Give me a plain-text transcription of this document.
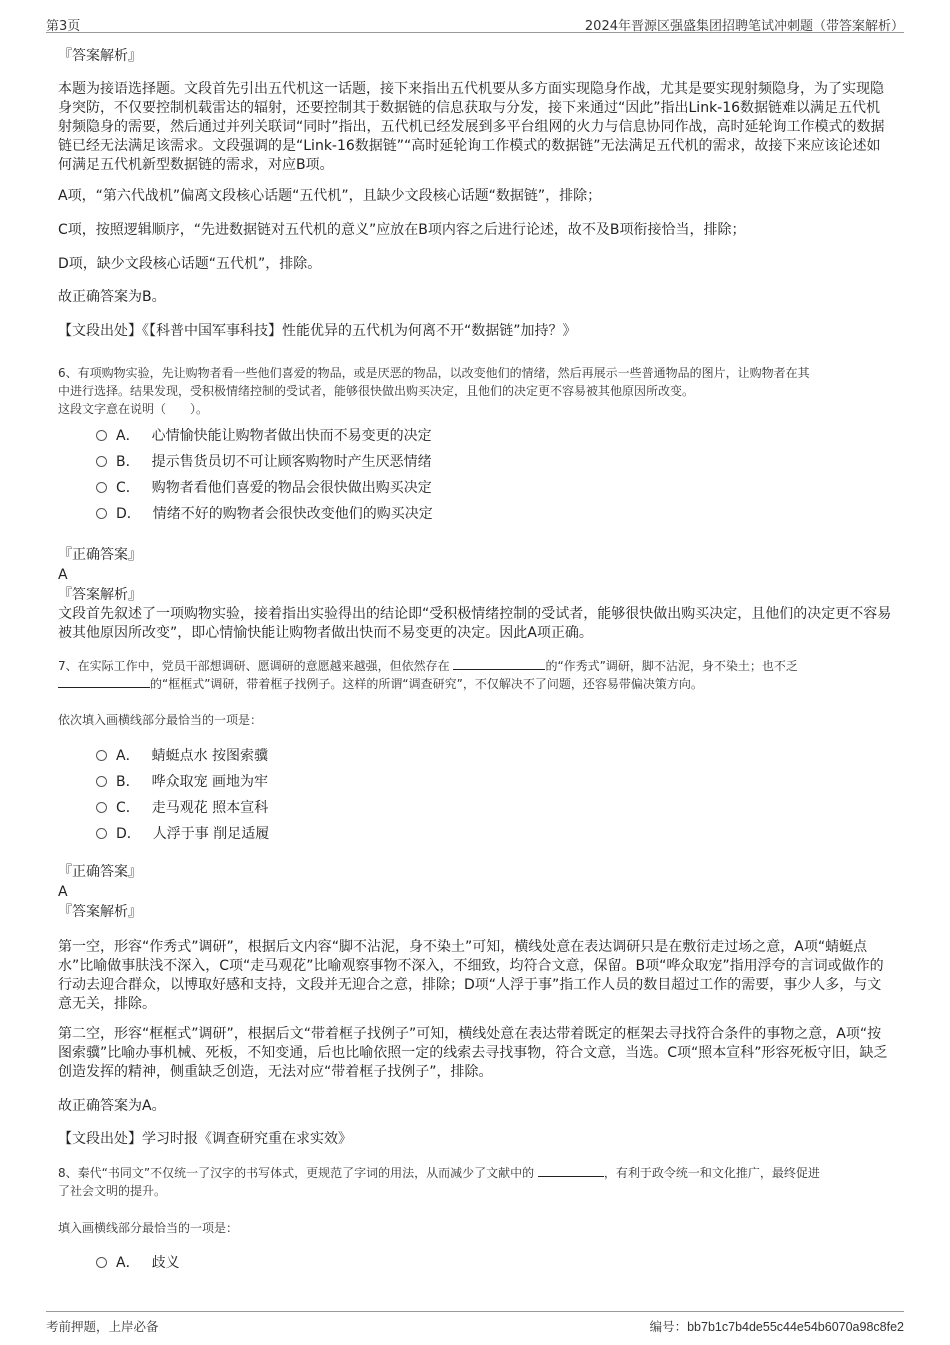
第3页	2024年晋源区强盛集团招聘笔试冲刺题（带答案解析）

『答案解析』

本题为接语选择题。文段首先引出五代机这一话题，接下来指出五代机要从多方面实现隐身作战，尤其是要实现射频隐身，为了实现隐身突防，不仅要控制机载雷达的辐射，还要控制其于数据链的信息获取与分发，接下来通过“因此”指出Link-16数据链难以满足五代机射频隐身的需要，然后通过并列关联词“同时”指出，五代机已经发展到多平台组网的火力与信息协同作战，高时延轮询工作模式的数据链已经无法满足该需求。文段强调的是“Link-16数据链”“高时延轮询工作模式的数据链”无法满足五代机的需求，故接下来应该论述如何满足五代机新型数据链的需求，对应B项。

A项，“第六代战机”偏离文段核心话题“五代机”，且缺少文段核心话题“数据链”，排除；

C项，按照逻辑顺序，“先进数据链对五代机的意义”应放在B项内容之后进行论述，故不及B项衔接恰当，排除；

D项，缺少文段核心话题“五代机”，排除。

故正确答案为B。

【文段出处】《【科普中国军事科技】性能优异的五代机为何离不开“数据链”加持？》

6、有项购物实验，先让购物者看一些他们喜爱的物品，或是厌恶的物品，以改变他们的情绪，然后再展示一些普通物品的图片，让购物者在其

中进行选择。结果发现，受积极情绪控制的受试者，能够很快做出购买决定，且他们的决定更不容易被其他原因所改变。

这段文字意在说明（　　）。

A． 心情愉快能让购物者做出快而不易变更的决定
B． 提示售货员切不可让顾客购物时产生厌恶情绪
C． 购物者看他们喜爱的物品会很快做出购买决定
D． 情绪不好的购物者会很快改变他们的购买决定

『正确答案』

A

『答案解析』

文段首先叙述了一项购物实验，接着指出实验得出的结论即“受积极情绪控制的受试者，能够很快做出购买决定，且他们的决定更不容易被其他原因所改变”，即心情愉快能让购物者做出快而不易变更的决定。因此A项正确。

7、在实际工作中，党员干部想调研、愿调研的意愿越来越强，但依然存在	的“作秀式”调研，脚不沾泥，身不染土；也不乏

的“框框式”调研，带着框子找例子。这样的所谓“调查研究”，不仅解决不了问题，还容易带偏决策方向。

依次填入画横线部分最恰当的一项是：

A． 蜻蜓点水 按图索骥
B． 哗众取宠 画地为牢
C． 走马观花 照本宣科
D． 人浮于事 削足适履

『正确答案』

A

『答案解析』

第一空，形容“作秀式”调研”，根据后文内容“脚不沾泥，身不染土”可知，横线处意在表达调研只是在敷衍走过场之意，A项“蜻蜓点水”比喻做事肤浅不深入，C项“走马观花”比喻观察事物不深入，不细致，均符合文意，保留。B项“哗众取宠”指用浮夸的言词或做作的行动去迎合群众，以博取好感和支持，文段并无迎合之意，排除；D项“人浮于事”指工作人员的数目超过工作的需要，事少人多，与文意无关，排除。

第二空，形容“框框式”调研”，根据后文“带着框子找例子”可知，横线处意在表达带着既定的框架去寻找符合条件的事物之意，A项“按图索骥”比喻办事机械、死板，不知变通，后也比喻依照一定的线索去寻找事物，符合文意，当选。C项“照本宣科”形容死板守旧，缺乏创造发挥的精神，侧重缺乏创造，无法对应“带着框子找例子”，排除。

故正确答案为A。

【文段出处】学习时报《调查研究重在求实效》

8、秦代“书同文”不仅统一了汉字的书写体式，更规范了字词的用法，从而减少了文献中的	，有利于政令统一和文化推广，最终促进

了社会文明的提升。

填入画横线部分最恰当的一项是：

A． 歧义
考前押题，上岸必备	编号：bb7b1c7b4de55c44e54b6070a98c8fe2
